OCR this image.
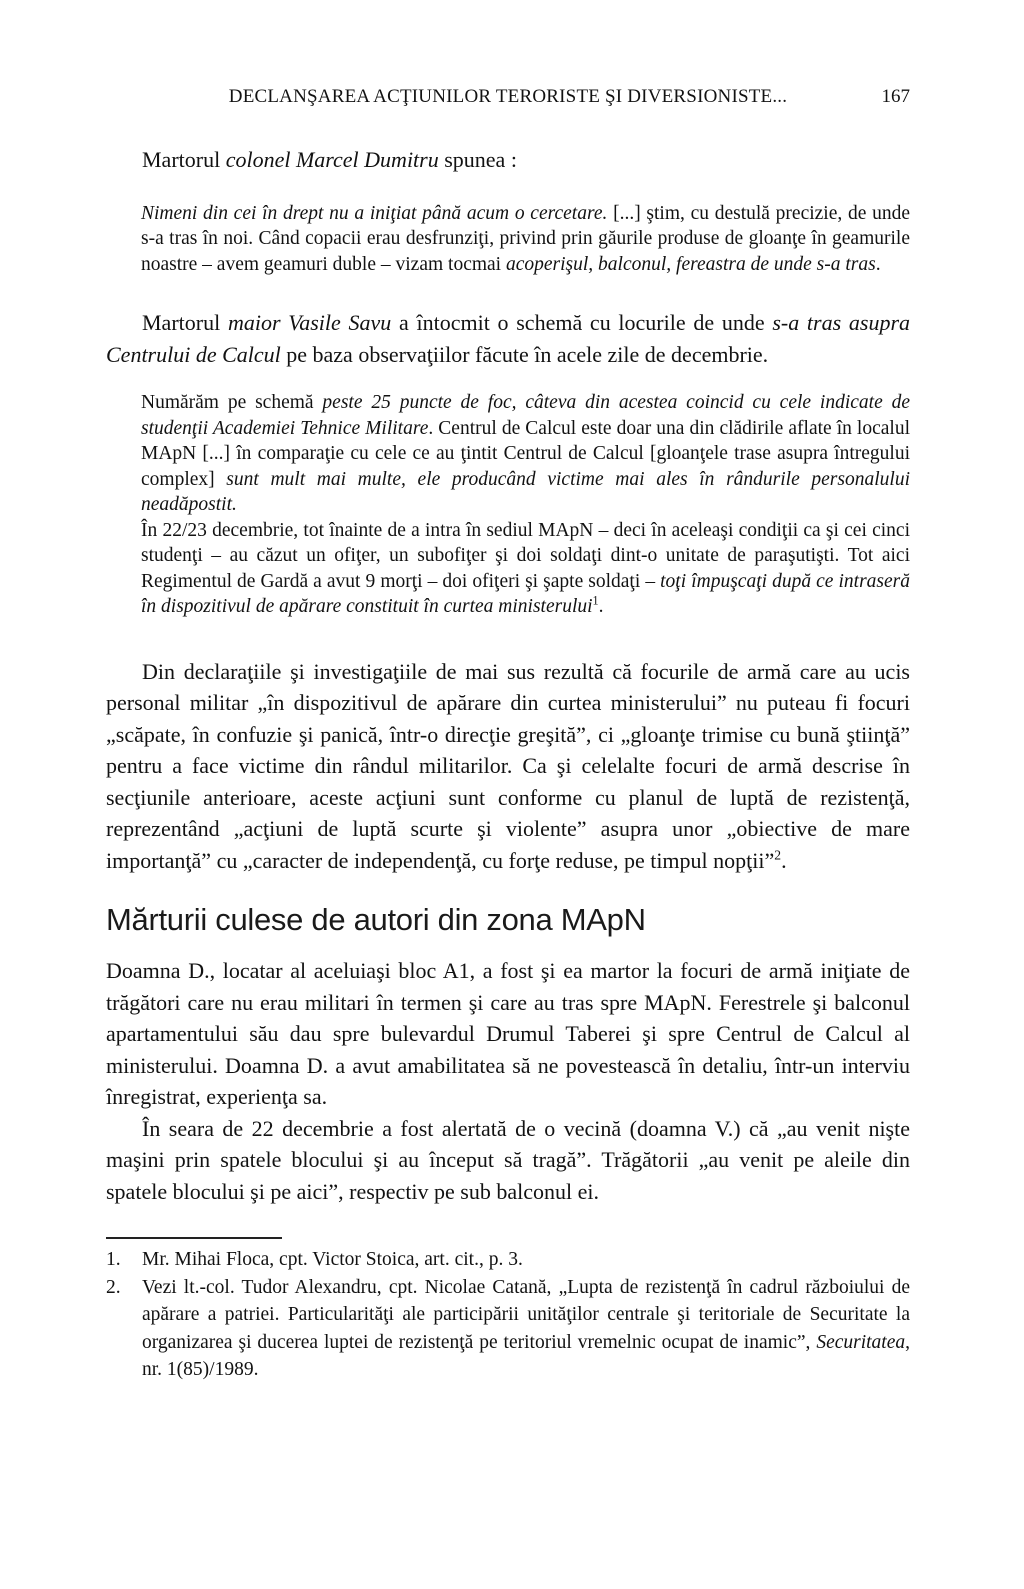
DECLANŞAREA ACŢIUNILOR TERORISTE ŞI DIVERSIONISTE...	167

Martorul colonel Marcel Dumitru spunea :

Nimeni din cei în drept nu a iniţiat până acum o cercetare. [...] ştim, cu destulă precizie, de unde s-a tras în noi. Când copacii erau desfrunziţi, privind prin găurile produse de gloanţe în geamurile noastre – avem geamuri duble – vizam tocmai acoperişul, balconul, fereastra de unde s-a tras.

Martorul maior Vasile Savu a întocmit o schemă cu locurile de unde s-a tras asupra Centrului de Calcul pe baza observaţiilor făcute în acele zile de decembrie.

Numărăm pe schemă peste 25 puncte de foc, câteva din acestea coincid cu cele indicate de studenţii Academiei Tehnice Militare. Centrul de Calcul este doar una din clădirile aflate în localul MApN [...] în comparaţie cu cele ce au ţintit Centrul de Calcul [gloanţele trase asupra întregului complex] sunt mult mai multe, ele producând victime mai ales în rândurile personalului neadăpostit.

În 22/23 decembrie, tot înainte de a intra în sediul MApN – deci în aceleaşi condiţii ca şi cei cinci studenţi – au căzut un ofiţer, un subofiţer şi doi soldaţi dint-o unitate de paraşutişti. Tot aici Regimentul de Gardă a avut 9 morţi – doi ofiţeri şi şapte soldaţi – toţi împuşcaţi după ce intraseră în dispozitivul de apărare constituit în curtea ministerului$^1$.

Din declaraţiile şi investigaţiile de mai sus rezultă că focurile de armă care au ucis personal militar „în dispozitivul de apărare din curtea ministerului” nu puteau fi focuri „scăpate, în confuzie şi panică, într-o direcţie greşită”, ci „gloanţe trimise cu bună ştiinţă” pentru a face victime din rândul militarilor. Ca şi celelalte focuri de armă descrise în secţiunile anterioare, aceste acţiuni sunt conforme cu planul de luptă de rezistenţă, reprezentând „acţiuni de luptă scurte şi violente” asupra unor „obiective de mare importanţă” cu „caracter de independenţă, cu forţe reduse, pe timpul nopţii”$^2$.

Mărturii culese de autori din zona MApN

Doamna D., locatar al aceluiaşi bloc A1, a fost şi ea martor la focuri de armă iniţiate de trăgători care nu erau militari în termen şi care au tras spre MApN. Ferestrele şi balconul apartamentului său dau spre bulevardul Drumul Taberei şi spre Centrul de Calcul al ministerului. Doamna D. a avut amabilitatea să ne povestească în detaliu, într-un interviu înregistrat, experienţa sa.

În seara de 22 decembrie a fost alertată de o vecină (doamna V.) că „au venit nişte maşini prin spatele blocului şi au început să tragă”. Trăgătorii „au venit pe aleile din spatele blocului şi pe aici”, respectiv pe sub balconul ei.

1.	Mr. Mihai Floca, cpt. Victor Stoica, art. cit., p. 3.
2.	Vezi lt.-col. Tudor Alexandru, cpt. Nicolae Catană, „Lupta de rezistenţă în cadrul războiului de apărare a patriei. Particularităţi ale participării unităţilor centrale şi teritoriale de Securitate la organizarea şi ducerea luptei de rezistenţă pe teritoriul vremelnic ocupat de inamic”, Securitatea, nr. 1(85)/1989.
